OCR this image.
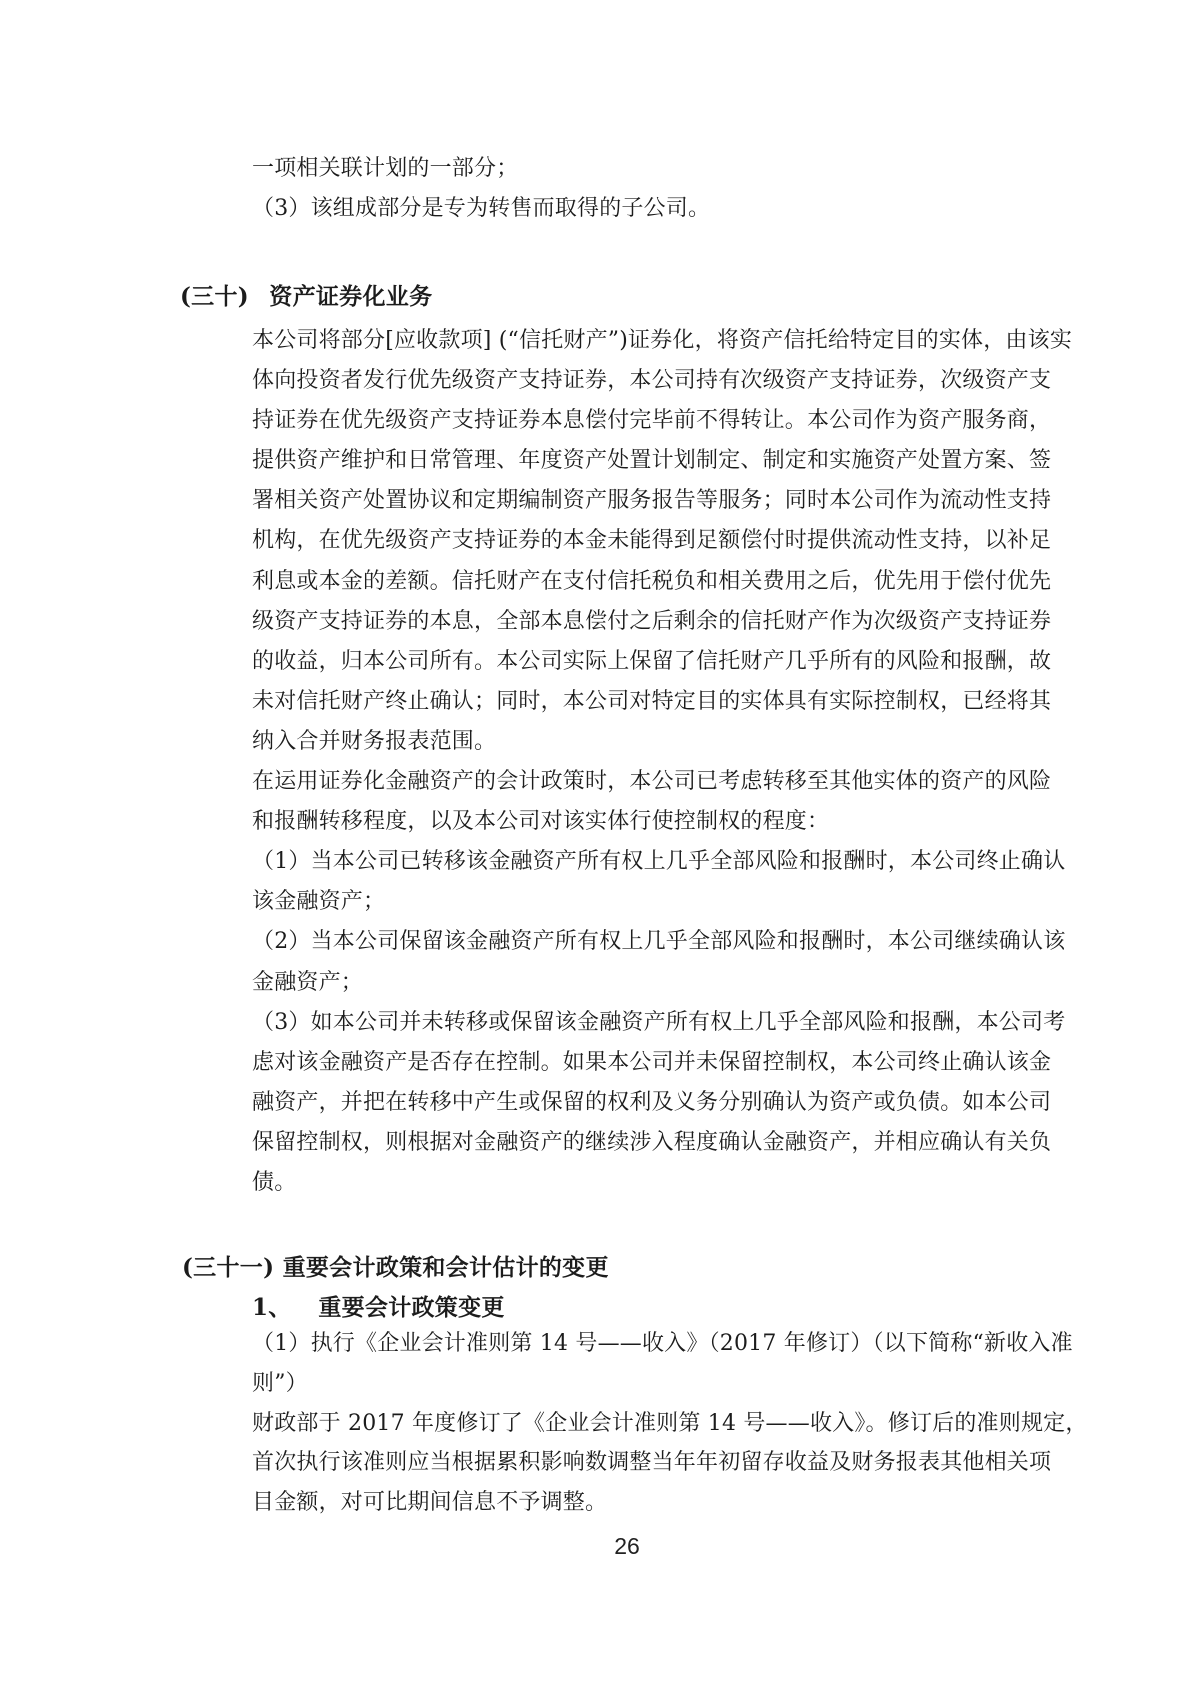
一项相关联计划的一部分；
（3）该组成部分是专为转售而取得的子公司。
(三十) 资产证券化业务
本公司将部分[应收款项] (“信托财产”)证券化，将资产信托给特定目的实体，由该实
体向投资者发行优先级资产支持证券，本公司持有次级资产支持证券，次级资产支
持证券在优先级资产支持证券本息偿付完毕前不得转让。本公司作为资产服务商，
提供资产维护和日常管理、年度资产处置计划制定、制定和实施资产处置方案、签
署相关资产处置协议和定期编制资产服务报告等服务；同时本公司作为流动性支持
机构，在优先级资产支持证券的本金未能得到足额偿付时提供流动性支持，以补足
利息或本金的差额。信托财产在支付信托税负和相关费用之后，优先用于偿付优先
级资产支持证券的本息，全部本息偿付之后剩余的信托财产作为次级资产支持证券
的收益，归本公司所有。本公司实际上保留了信托财产几乎所有的风险和报酬，故
未对信托财产终止确认；同时，本公司对特定目的实体具有实际控制权，已经将其
纳入合并财务报表范围。
在运用证券化金融资产的会计政策时，本公司已考虑转移至其他实体的资产的风险
和报酬转移程度，以及本公司对该实体行使控制权的程度：
（1）当本公司已转移该金融资产所有权上几乎全部风险和报酬时，本公司终止确认
该金融资产；
（2）当本公司保留该金融资产所有权上几乎全部风险和报酬时，本公司继续确认该
金融资产；
（3）如本公司并未转移或保留该金融资产所有权上几乎全部风险和报酬，本公司考
虑对该金融资产是否存在控制。如果本公司并未保留控制权，本公司终止确认该金
融资产，并把在转移中产生或保留的权利及义务分别确认为资产或负债。如本公司
保留控制权，则根据对金融资产的继续涉入程度确认金融资产，并相应确认有关负
债。
(三十一) 重要会计政策和会计估计的变更
1、 重要会计政策变更
（1）执行《企业会计准则第 14 号——收入》（2017 年修订）（以下简称“新收入准
则”）
财政部于 2017 年度修订了《企业会计准则第 14 号——收入》。修订后的准则规定，
首次执行该准则应当根据累积影响数调整当年年初留存收益及财务报表其他相关项
目金额，对可比期间信息不予调整。
26
